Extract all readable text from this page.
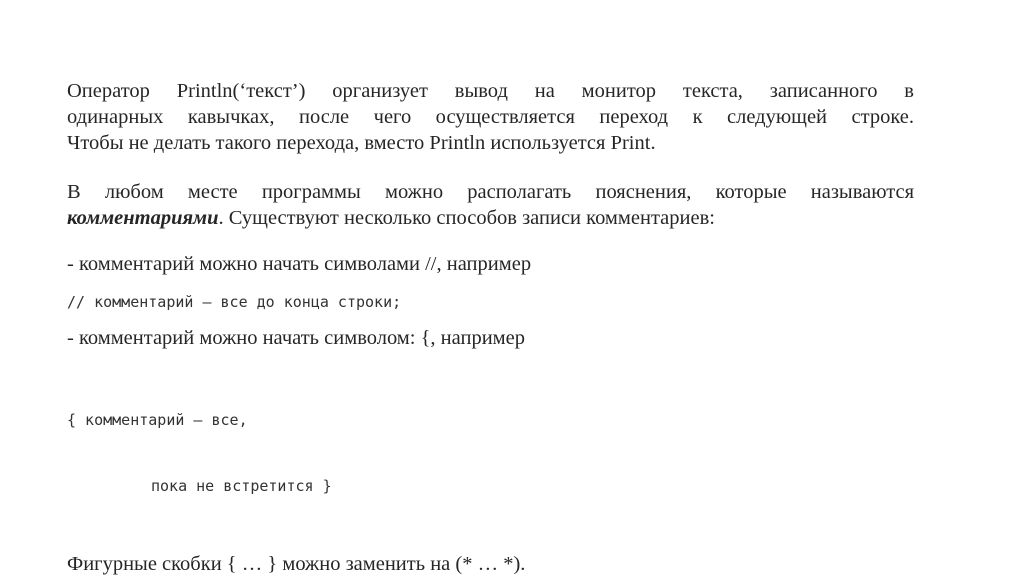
Оператор Println(‘текст’) организует вывод на монитор текста, записанного в
одинарных кавычках, после чего осуществляется переход к следующей строке.
Чтобы не делать такого перехода, вместо Println используется Print.

В любом месте программы можно располагать пояснения, которые называются
комментариями. Существуют несколько способов записи комментариев:

- комментарий можно начать символами //, например

// комментарий – все до конца строки;

- комментарий можно начать символом: {, например

{ комментарий – все,

пока не встретится }

Фигурные скобки { … } можно заменить на (* … *).
